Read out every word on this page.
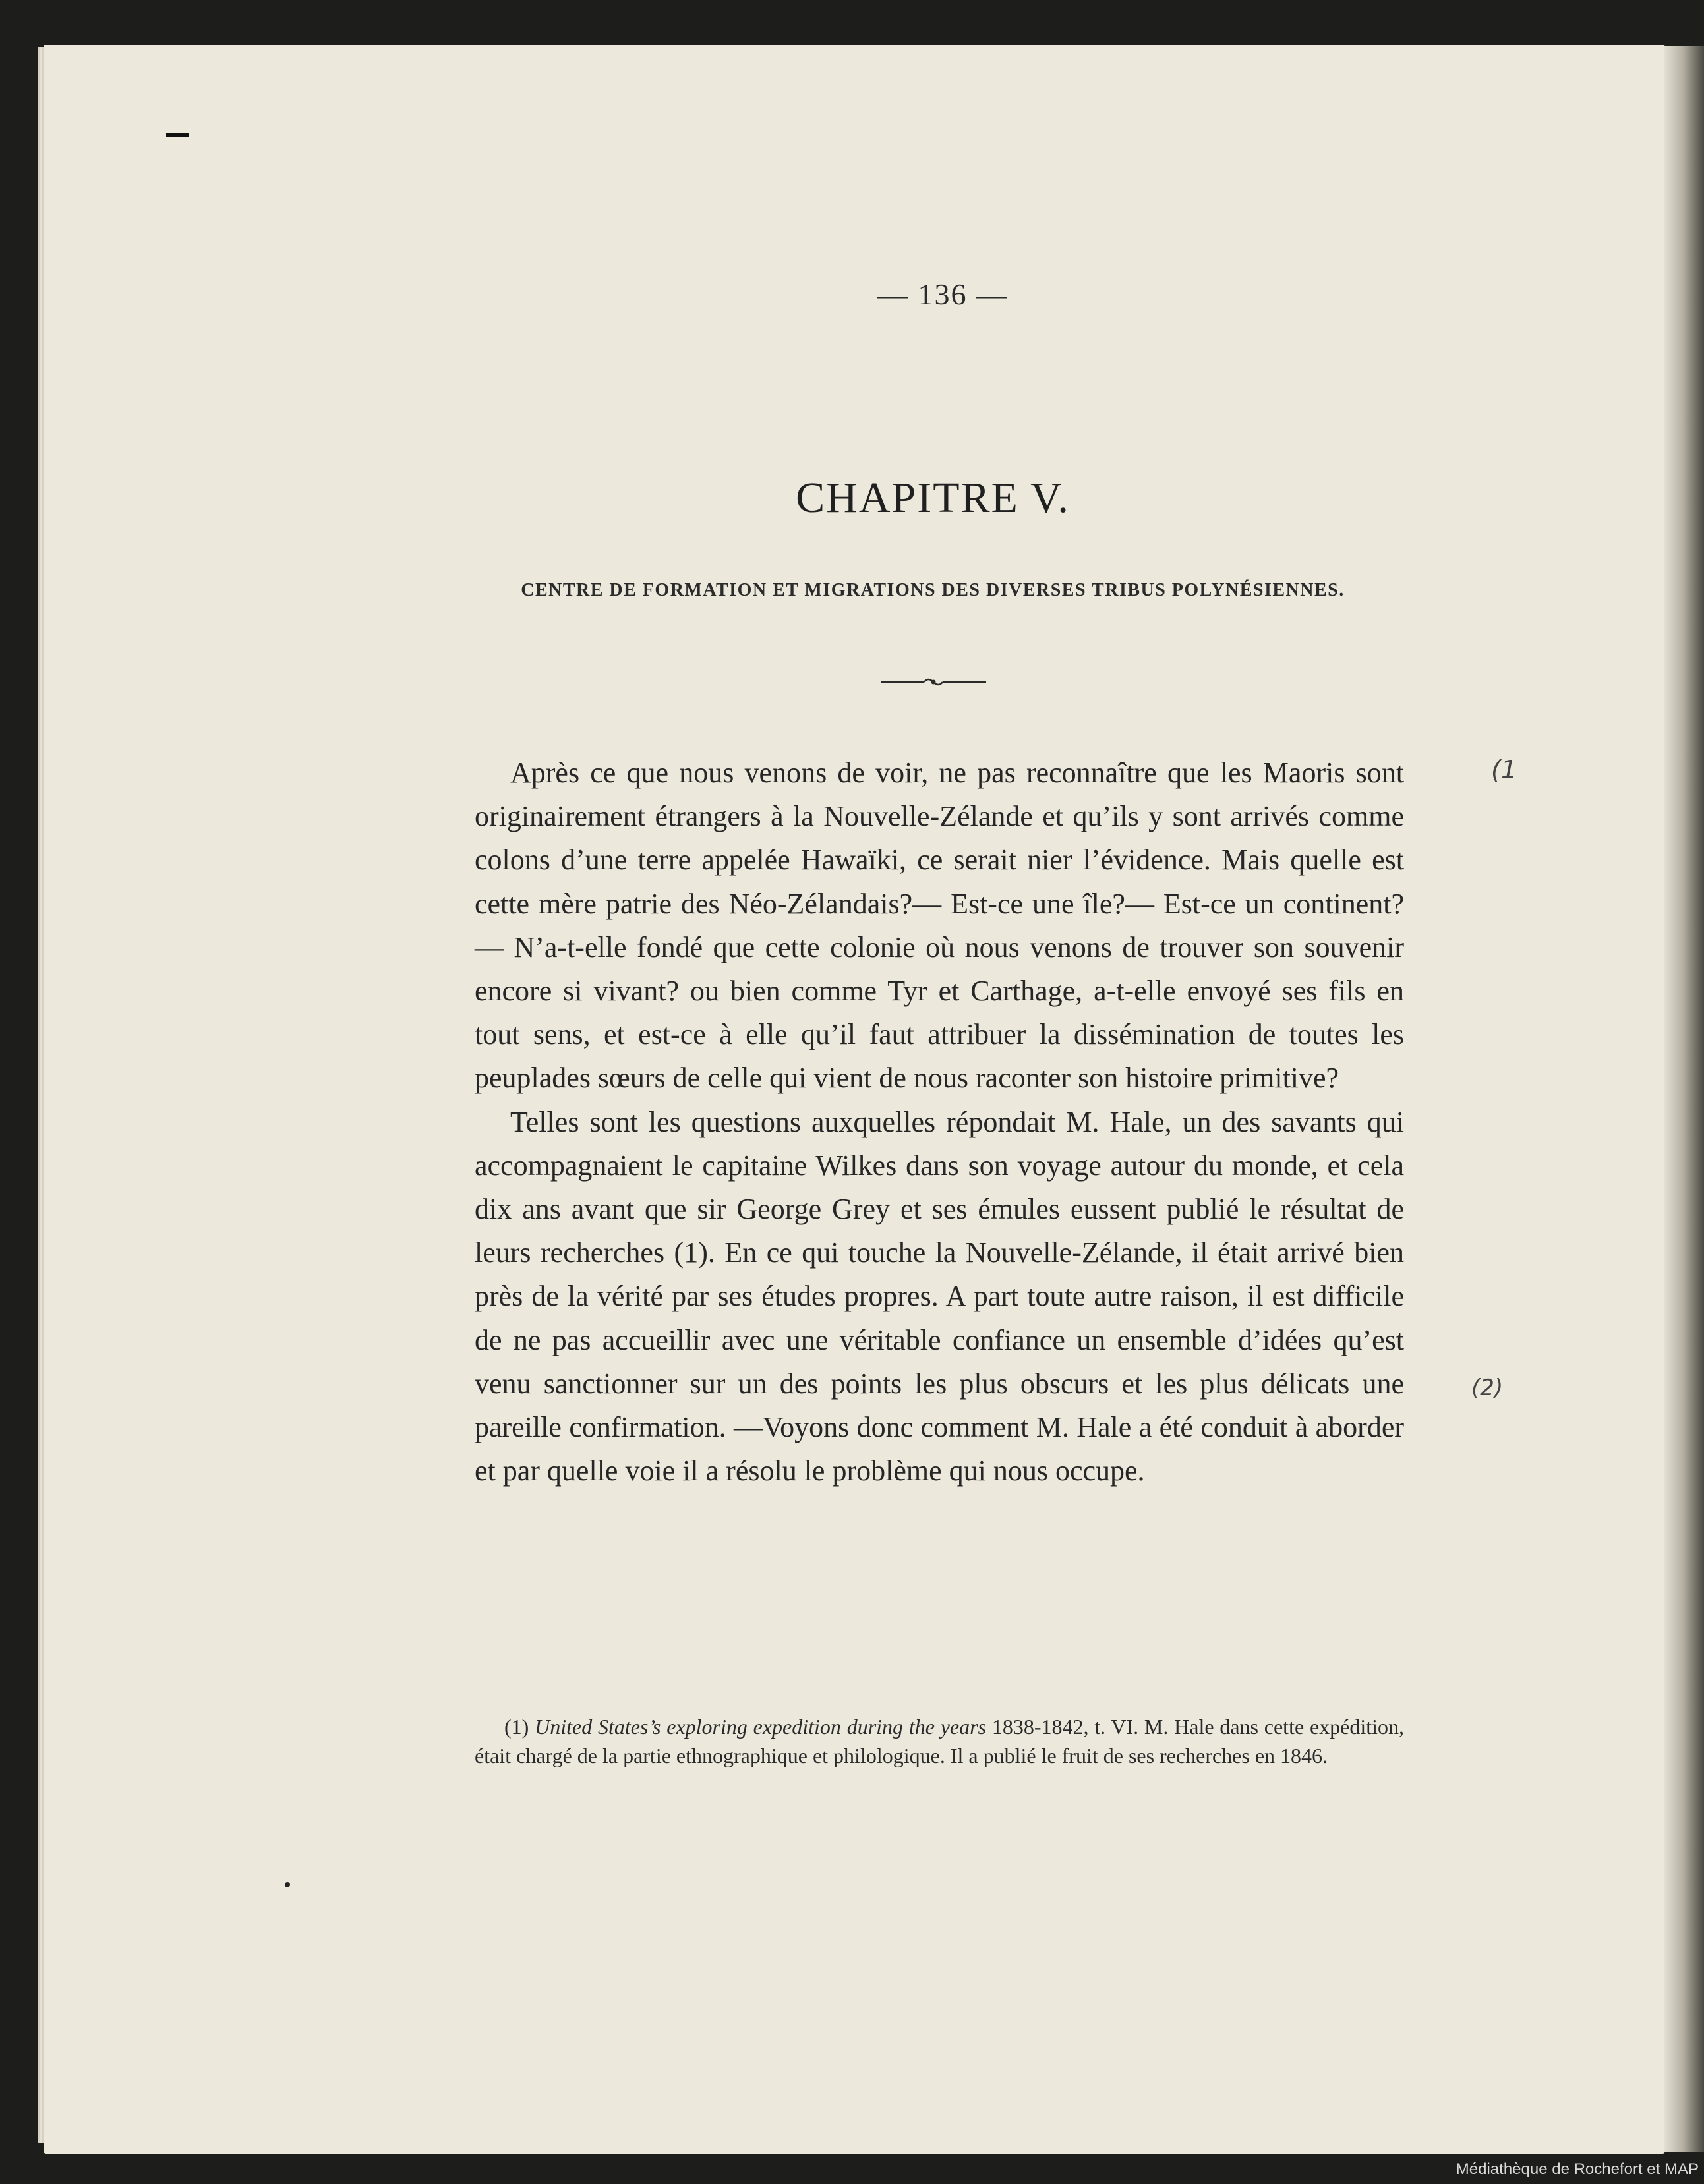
— 136 —
CHAPITRE V.
CENTRE DE FORMATION ET MIGRATIONS DES DIVERSES TRIBUS POLYNÉSIENNES.

Après ce que nous venons de voir, ne pas reconnaître que les Maoris sont originairement étrangers à la Nouvelle-Zélande et qu’ils y sont arrivés comme colons d’une terre appelée Hawaïki, ce serait nier l’évidence. Mais quelle est cette mère patrie des Néo-Zélandais?— Est-ce une île?— Est-ce un continent?— N’a-t-elle fondé que cette colonie où nous venons de trouver son souvenir encore si vivant? ou bien comme Tyr et Carthage, a-t-elle envoyé ses fils en tout sens, et est-ce à elle qu’il faut attribuer la dissémination de toutes les peuplades sœurs de celle qui vient de nous raconter son histoire primitive?

Telles sont les questions auxquelles répondait M. Hale, un des savants qui accompagnaient le capitaine Wilkes dans son voyage autour du monde, et cela dix ans avant que sir George Grey et ses émules eussent publié le résultat de leurs recherches (1). En ce qui touche la Nouvelle-Zélande, il était arrivé bien près de la vérité par ses études propres. A part toute autre raison, il est difficile de ne pas accueillir avec une véritable confiance un ensemble d’idées qu’est venu sanctionner sur un des points les plus obscurs et les plus délicats une pareille confirmation. —Voyons donc comment M. Hale a été conduit à aborder et par quelle voie il a résolu le problème qui nous occupe.

(1) United States’s exploring expedition during the years 1838-1842, t. VI. M. Hale dans cette expédition, était chargé de la partie ethnographique et philologique. Il a publié le fruit de ses recherches en 1846.

(1
(2)
Médiathèque de Rochefort et MAP
